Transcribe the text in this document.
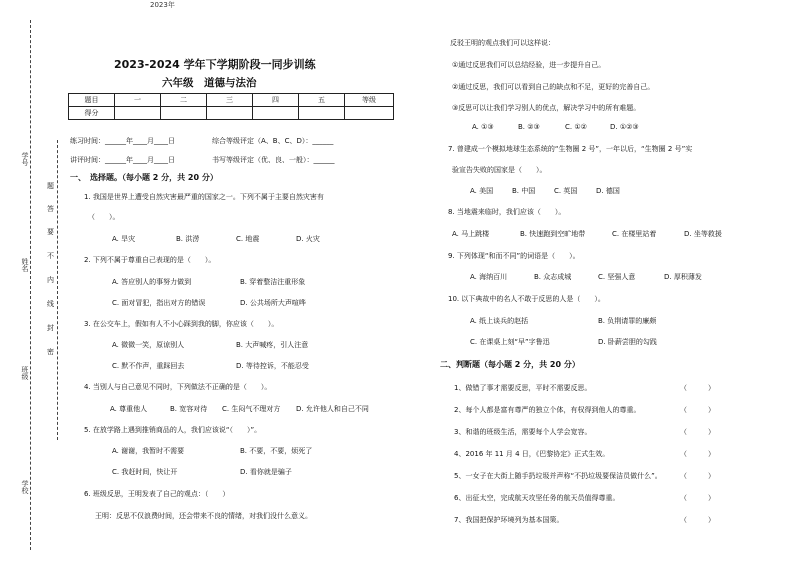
2023年
学号
姓名
班级
学校
题
答
要
不
内
线
封
密
2023-2024 学年下学期阶段一同步训练
六年级　道德与法治
题目	一	二	三	四	五	等级
得分						
练习时间：______年____月____日	综合等级评定（A、B、C、D）：______
讲评时间：______年____月____日	书写等级评定（优、良、一般）：______
一、　选择题。（每小题 2 分，共 20 分）
1. 我国是世界上遭受自然灾害最严重的国家之一。下列不属于主要自然灾害有
（　　）。
A. 旱灾	B. 洪涝	C. 地震	D. 火灾
2. 下列不属于尊重自己表现的是（　　）。
A. 答应别人的事努力做到	B. 穿着整洁注重形象
C. 面对冒犯，指出对方的错误	D. 公共场所大声喧哗
3. 在公交车上，假如有人不小心踩到我的脚，你应该（　　）。
A. 微微一笑，原谅别人	B. 大声喊疼，引人注意
C. 默不作声，重踩回去	D. 等待控诉，不能忍受
4. 当别人与自己意见不同时，下列做法不正确的是（　　）。
A. 尊重他人	B. 宽容对待 C. 生闷气不理对方 D. 允许他人和自己不同
5. 在放学路上遇到推销商品的人，我们应该说“（　　）”。
A. 谢谢，我暂时不需要	B. 不要，不要，烦死了
C. 我赶时间，快让开	D. 看你就是骗子
6. 班级反思，王明发表了自己的观点：（　　）
王明：反思不仅浪费时间，还会带来不良的情绪，对我们没什么意义。
反驳王明的观点我们可以这样说：
①通过反思我们可以总结经验，进一步提升自己。
②通过反思，我们可以看到自己的缺点和不足，更好的完善自己。
③反思可以让我们学习别人的优点，解决学习中的所有难题。
A. ①③	B. ②③	C. ①②	D. ①②③
7. 曾建成一个模拟地球生态系统的“生物圈 2 号”，一年以后，“生物圈 2 号”实
验宣告失败的国家是（　　）。
A. 美国	B. 中国	C. 英国	D. 德国
8. 当地震来临时，我们应该（　　）。
A. 马上跳楼	B. 快速跑到空旷地带	C. 在楼里站着	D. 坐等救援
9. 下列体现“和而不同”的词语是（　　）。
A. 海纳百川	B. 众志成城	C. 坚强人意	D. 厚积薄发
10. 以下典故中的名人不敢于反思的人是（　　）。
A. 纸上谈兵的赵括	B. 负荆请罪的廉颇
C. 在课桌上刻“早”字鲁迅	D. 卧薪尝胆的勾践
二、判断题（每小题 2 分，共 20 分）
1、做错了事才需要反思，平时不需要反思。	（　　　）
2、每个人都是富有尊严的独立个体，有权得到他人的尊重。	（　　　）
3、和谐的班级生活，需要每个人学会宽容。	（　　　）
4、2016 年 11 月 4 日，《巴黎协定》正式生效。	（　　　）
5、一女子在大街上随手扔垃圾并声称“不扔垃圾要保洁员做什么”。	（　　　）
6、出征太空，完成航天攻坚任务的航天员值得尊重。	（　　　）
7、我国把保护环境列为基本国策。	（　　　）
